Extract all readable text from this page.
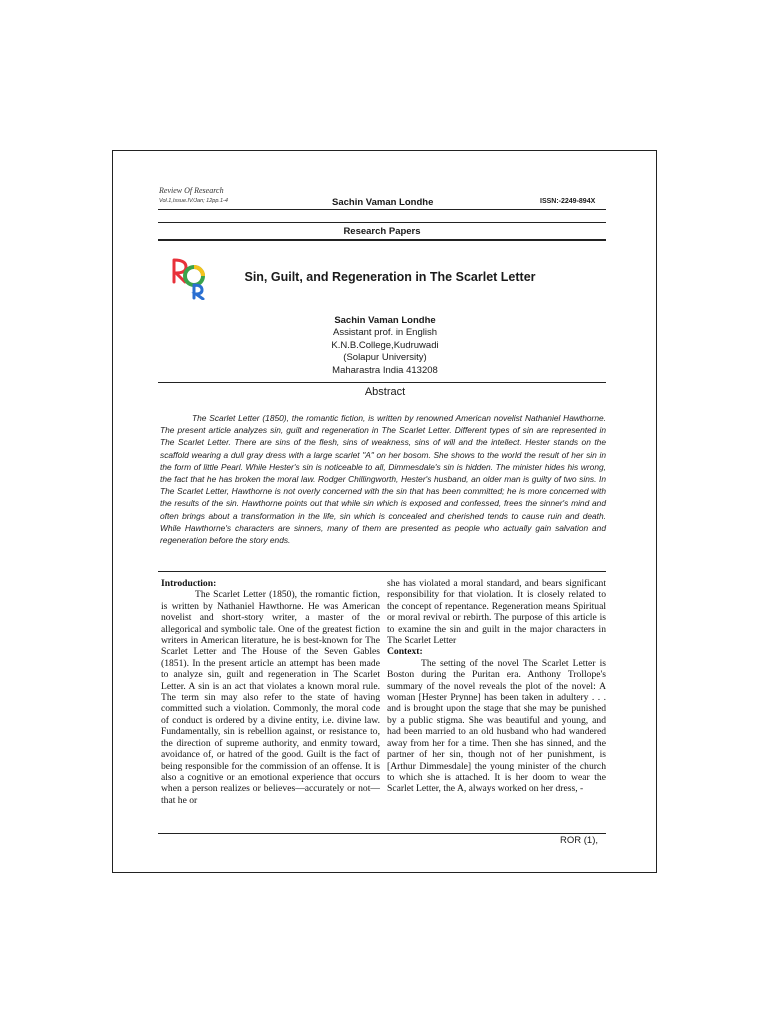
Review Of Research
Vol.1,Issue.IV/Jan; 12pp.1-4	Sachin Vaman Londhe	ISSN:-2249-894X
Research Papers
Sin, Guilt, and Regeneration in The Scarlet Letter
Sachin Vaman Londhe
Assistant prof. in English
K.N.B.College,Kudruwadi
(Solapur University)
Maharastra India 413208
Abstract
The Scarlet Letter (1850), the romantic fiction, is written by renowned American novelist Nathaniel Hawthorne. The present article analyzes sin, guilt and regeneration in The Scarlet Letter. Different types of sin are represented in The Scarlet Letter. There are sins of the flesh, sins of weakness, sins of will and the intellect. Hester stands on the scaffold wearing a dull gray dress with a large scarlet "A" on her bosom. She shows to the world the result of her sin in the form of little Pearl. While Hester's sin is noticeable to all, Dimmesdale's sin is hidden. The minister hides his wrong, the fact that he has broken the moral law. Rodger Chillingworth, Hester's husband, an older man is guilty of two sins. In The Scarlet Letter, Hawthorne is not overly concerned with the sin that has been committed; he is more concerned with the results of the sin. Hawthorne points out that while sin which is exposed and confessed, frees the sinner's mind and often brings about a transformation in the life, sin which is concealed and cherished tends to cause ruin and death. While Hawthorne's characters are sinners, many of them are presented as people who actually gain salvation and regeneration before the story ends.

Introduction:

The Scarlet Letter (1850), the romantic fiction, is written by Nathaniel Hawthorne. He was American novelist and short-story writer, a master of the allegorical and symbolic tale. One of the greatest fiction writers in American literature, he is best-known for The Scarlet Letter and The House of the Seven Gables (1851). In the present article an attempt has been made to analyze sin, guilt and regeneration in The Scarlet Letter. A sin is an act that violates a known moral rule. The term sin may also refer to the state of having committed such a violation. Commonly, the moral code of conduct is ordered by a divine entity, i.e. divine law. Fundamentally, sin is rebellion against, or resistance to, the direction of supreme authority, and enmity toward, avoidance of, or hatred of the good. Guilt is the fact of being responsible for the commission of an offense. It is also a cognitive or an emotional experience that occurs when a person realizes or believes—accurately or not—that he or

she has violated a moral standard, and bears significant responsibility for that violation. It is closely related to the concept of repentance. Regeneration means Spiritual or moral revival or rebirth. The purpose of this article is to examine the sin and guilt in the major characters in The Scarlet Letter

Context:

The setting of the novel The Scarlet Letter is Boston during the Puritan era. Anthony Trollope's summary of the novel reveals the plot of the novel: A woman [Hester Prynne] has been taken in adultery . . . and is brought upon the stage that she may be punished by a public stigma. She was beautiful and young, and had been married to an old husband who had wandered away from her for a time. Then she has sinned, and the partner of her sin, though not of her punishment, is [Arthur Dimmesdale] the young minister of the church to which she is attached. It is her doom to wear the Scarlet Letter, the A, always worked on her dress, -

ROR (1),
